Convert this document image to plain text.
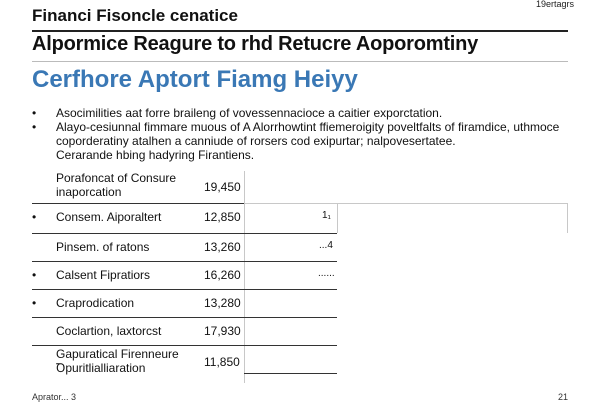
19ertagrs
Financi Fisoncle cenatice
Alpormice Reagure to rhd Retucre Aoporomtiny
Cerfhore Aptort Fiamg Heiyy
• Asocimilities aat forre braileng of vovessennacioce a caitier exporctation.
• Alayo-cesiunnal fimmare muous of A Alorrhowtint ffiemeroigity poveltfalts of firamdice, uthmoce
coporderatiny atalhen a canniude of rorsers cod exipurtar; nalpovesertatee.
Cerarande hbing hadyring Firantiens.
Porafoncat of Consure
inaporcation	19,450
• Consem. Aiporaltert	12,850	1₁
Pinsem. of ratons	13,260	...4
• Calsent Fipratiors	16,260	......
• Craprodication	13,280
Coclartion, laxtorcst	17,930
Gapuratical Firenneure
Ꝺpuritlialliaration	11,850
Aprator... 3	21
